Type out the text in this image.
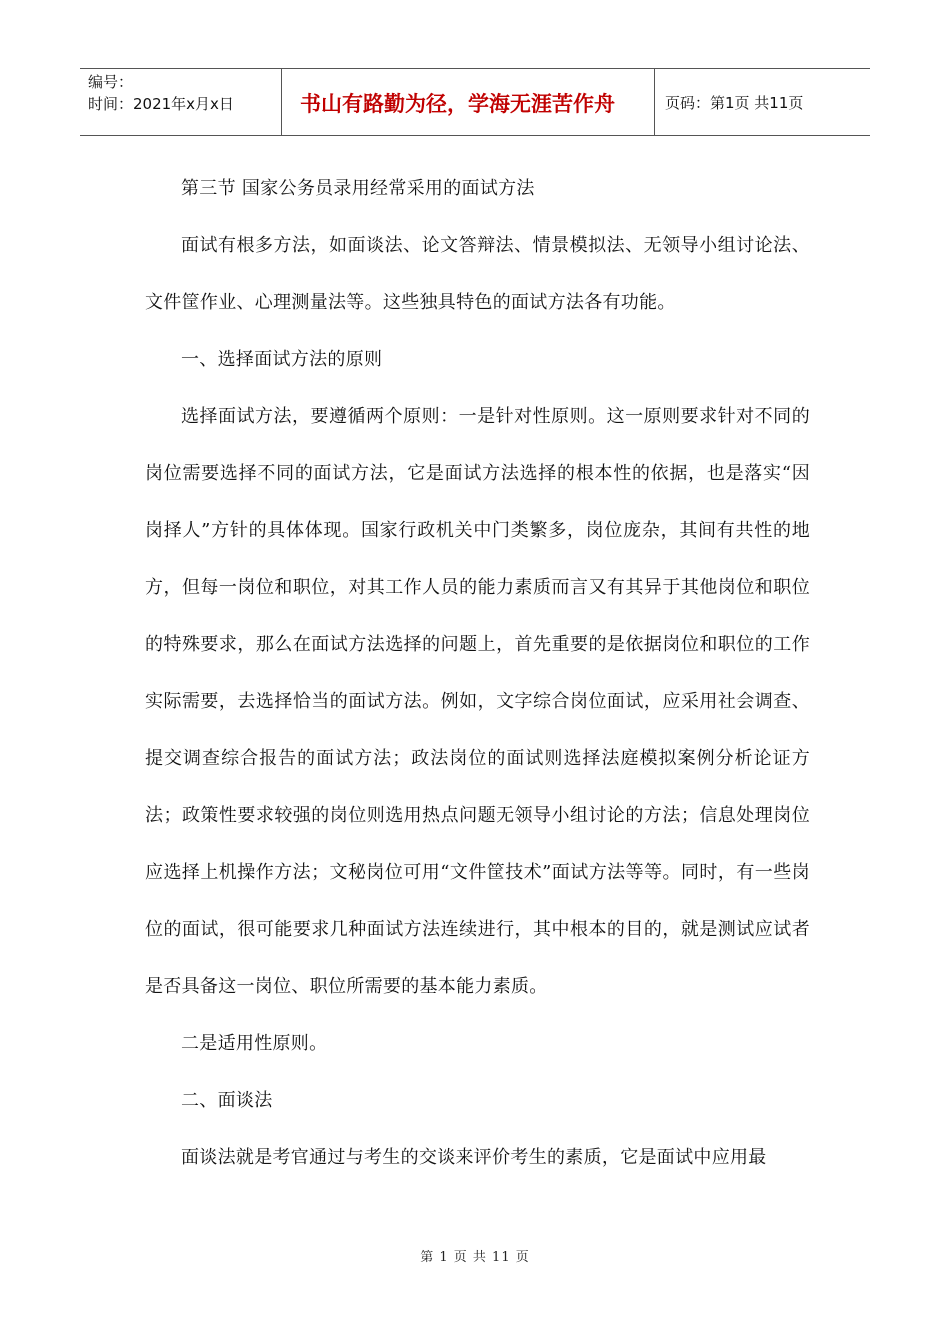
编号：
时间：2021年x月x日	书山有路勤为径，学海无涯苦作舟	页码：第1页 共11页

第三节 国家公务员录用经常采用的面试方法

面试有根多方法，如面谈法、论文答辩法、情景模拟法、无领导小组讨论法、文件筐作业、心理测量法等。这些独具特色的面试方法各有功能。

一、选择面试方法的原则

选择面试方法，要遵循两个原则：一是针对性原则。这一原则要求针对不同的岗位需要选择不同的面试方法，它是面试方法选择的根本性的依据，也是落实“因岗择人”方针的具体体现。国家行政机关中门类繁多，岗位庞杂，其间有共性的地方，但每一岗位和职位，对其工作人员的能力素质而言又有其异于其他岗位和职位的特殊要求，那么在面试方法选择的问题上，首先重要的是依据岗位和职位的工作实际需要，去选择恰当的面试方法。例如，文字综合岗位面试，应采用社会调查、提交调查综合报告的面试方法；政法岗位的面试则选择法庭模拟案例分析论证方法；政策性要求较强的岗位则选用热点问题无领导小组讨论的方法；信息处理岗位应选择上机操作方法；文秘岗位可用“文件筐技术”面试方法等等。同时，有一些岗位的面试，很可能要求几种面试方法连续进行，其中根本的目的，就是测试应试者是否具备这一岗位、职位所需要的基本能力素质。

二是适用性原则。

二、面谈法

面谈法就是考官通过与考生的交谈来评价考生的素质，它是面试中应用最

第 1 页 共 11 页
